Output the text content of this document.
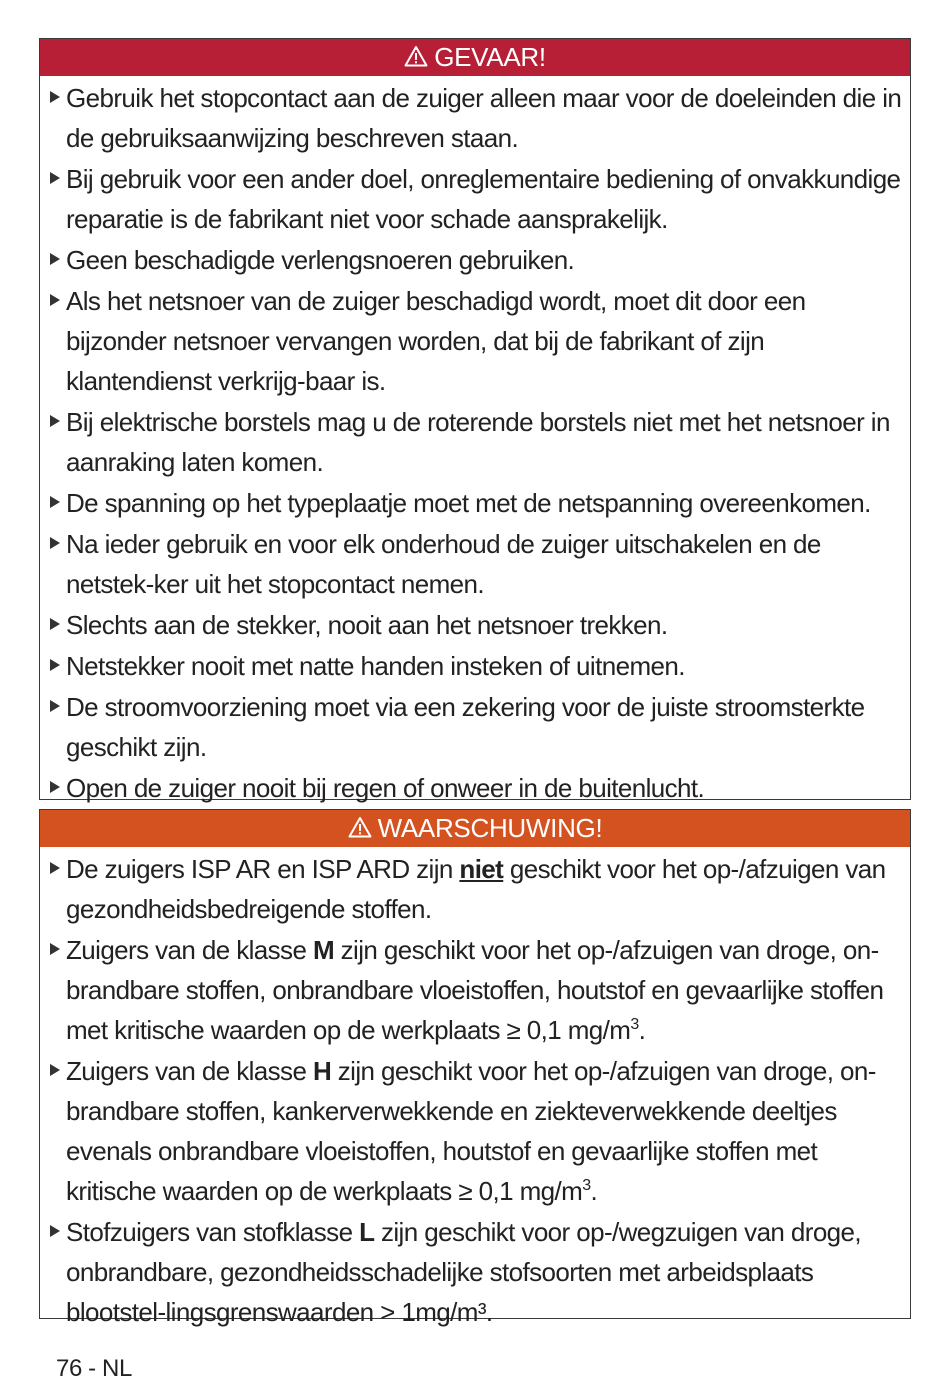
GEVAAR!
Gebruik het stopcontact aan de zuiger alleen maar voor de doeleinden die in de gebruiksaanwijzing beschreven staan.
Bij gebruik voor een ander doel, onreglementaire bediening of onvakkundige reparatie is de fabrikant niet voor schade aansprakelijk.
Geen beschadigde verlengsnoeren gebruiken.
Als het netsnoer van de zuiger beschadigd wordt, moet dit door een bijzonder netsnoer vervangen worden, dat bij de fabrikant of zijn klantendienst verkrijg-baar is.
Bij elektrische borstels mag u de roterende borstels niet met het netsnoer in aanraking laten komen.
De spanning op het typeplaatje moet met de netspanning overeenkomen.
Na ieder gebruik en voor elk onderhoud de zuiger uitschakelen en de netstek-ker uit het stopcontact nemen.
Slechts aan de stekker, nooit aan het netsnoer trekken.
Netstekker nooit met natte handen insteken of uitnemen.
De stroomvoorziening moet via een zekering voor de juiste stroomsterkte geschikt zijn.
Open de zuiger nooit bij regen of onweer in de buitenlucht.
WAARSCHUWING!
De zuigers ISP AR en ISP ARD zijn niet geschikt voor het op-/afzuigen van gezondheidsbedreigende stoffen.
Zuigers van de klasse M zijn geschikt voor het op-/afzuigen van droge, on-brandbare stoffen, onbrandbare vloeistoffen, houtstof en gevaarlijke stoffen met kritische waarden op de werkplaats ≥ 0,1 $mg/m^3$.
Zuigers van de klasse H zijn geschikt voor het op-/afzuigen van droge, on-brandbare stoffen, kankerverwekkende en ziekteverwekkende deeltjes evenals onbrandbare vloeistoffen, houtstof en gevaarlijke stoffen met kritische waarden op de werkplaats ≥ 0,1 $mg/m^3$.
Stofzuigers van stofklasse L zijn geschikt voor op-/wegzuigen van droge, onbrandbare, gezondheidsschadelijke stofsoorten met arbeidsplaats blootstel-lingsgrenswaarden > 1mg/m³.
76 - NL
